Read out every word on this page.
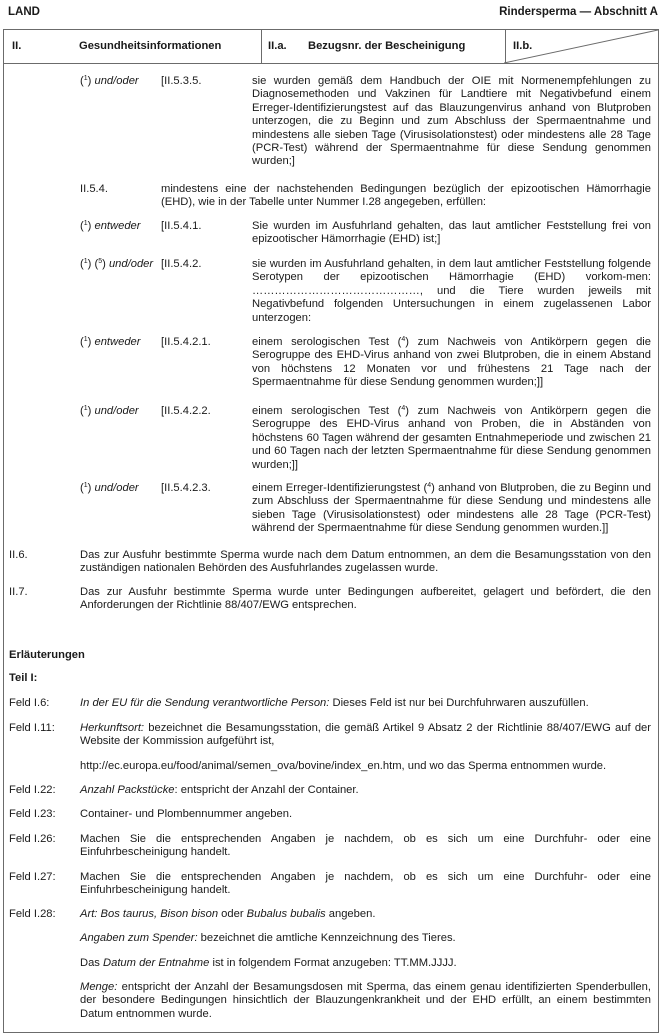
LAND	Rindersperma — Abschnitt A
II.	Gesundheitsinformationen	II.a. Bezugsnr. der Bescheinigung	II.b.
($^1$) und/oder [II.5.3.5.	sie wurden gemäß dem Handbuch der OIE mit Normenempfehlungen zu Diagnosemethoden und Vakzinen für Landtiere mit Negativbefund einem Erreger-Identifizierungstest auf das Blauzungenvirus anhand von Blutproben unterzogen, die zu Beginn und zum Abschluss der Spermaentnahme und mindestens alle sieben Tage (Virusisolationstest) oder mindestens alle 28 Tage (PCR-Test) während der Spermaentnahme für diese Sendung genommen wurden;]
II.5.4.	mindestens eine der nachstehenden Bedingungen bezüglich der epizootischen Hämorrhagie (EHD), wie in der Tabelle unter Nummer I.28 angegeben, erfüllen:
($^1$) entweder [II.5.4.1.	Sie wurden im Ausfuhrland gehalten, das laut amtlicher Feststellung frei von epizootischer Hämorrhagie (EHD) ist;]
($^1$) ($^5$) und/oder [II.5.4.2.	sie wurden im Ausfuhrland gehalten, in dem laut amtlicher Feststellung folgende Serotypen der epizootischen Hämorrhagie (EHD) vorkom-men: ………………………………………, und die Tiere wurden jeweils mit Negativbefund folgenden Untersuchungen in einem zugelassenen Labor unterzogen:
($^1$) entweder [II.5.4.2.1.	einem serologischen Test ($^4$) zum Nachweis von Antikörpern gegen die Serogruppe des EHD-Virus anhand von zwei Blutproben, die in einem Abstand von höchstens 12 Monaten vor und frühestens 21 Tage nach der Spermaentnahme für diese Sendung genommen wurden;]]
($^1$) und/oder [II.5.4.2.2.	einem serologischen Test ($^4$) zum Nachweis von Antikörpern gegen die Serogruppe des EHD-Virus anhand von Proben, die in Abständen von höchstens 60 Tagen während der gesamten Entnahmeperiode und zwischen 21 und 60 Tagen nach der letzten Spermaentnahme für diese Sendung genommen wurden;]]
($^1$) und/oder [II.5.4.2.3.	einem Erreger-Identifizierungstest ($^4$) anhand von Blutproben, die zu Beginn und zum Abschluss der Spermaentnahme für diese Sendung und mindestens alle sieben Tage (Virusisolationstest) oder mindestens alle 28 Tage (PCR-Test) während der Spermaentnahme für diese Sendung genommen wurden.]]
II.6.	Das zur Ausfuhr bestimmte Sperma wurde nach dem Datum entnommen, an dem die Besamungsstation von den zuständigen nationalen Behörden des Ausfuhrlandes zugelassen wurde.
II.7.	Das zur Ausfuhr bestimmte Sperma wurde unter Bedingungen aufbereitet, gelagert und befördert, die den Anforderungen der Richtlinie 88/407/EWG entsprechen.
Erläuterungen
Teil I:
Feld I.6:	In der EU für die Sendung verantwortliche Person: Dieses Feld ist nur bei Durchfuhrwaren auszufüllen.
Feld I.11: Herkunftsort: bezeichnet die Besamungsstation, die gemäß Artikel 9 Absatz 2 der Richtlinie 88/407/EWG auf der Website der Kommission aufgeführt ist,
http://ec.europa.eu/food/animal/semen_ova/bovine/index_en.htm, und wo das Sperma entnommen wurde.
Feld I.22: Anzahl Packstücke: entspricht der Anzahl der Container.
Feld I.23: Container- und Plombennummer angeben.
Feld I.26: Machen Sie die entsprechenden Angaben je nachdem, ob es sich um eine Durchfuhr- oder eine Einfuhrbescheinigung handelt.
Feld I.27: Machen Sie die entsprechenden Angaben je nachdem, ob es sich um eine Durchfuhr- oder eine Einfuhrbescheinigung handelt.
Feld I.28: Art: Bos taurus, Bison bison oder Bubalus bubalis angeben.
Angaben zum Spender: bezeichnet die amtliche Kennzeichnung des Tieres.
Das Datum der Entnahme ist in folgendem Format anzugeben: TT.MM.JJJJ.
Menge: entspricht der Anzahl der Besamungsdosen mit Sperma, das einem genau identifizierten Spenderbullen, der besondere Bedingungen hinsichtlich der Blauzungenkrankheit und der EHD erfüllt, an einem bestimmten Datum entnommen wurde.
